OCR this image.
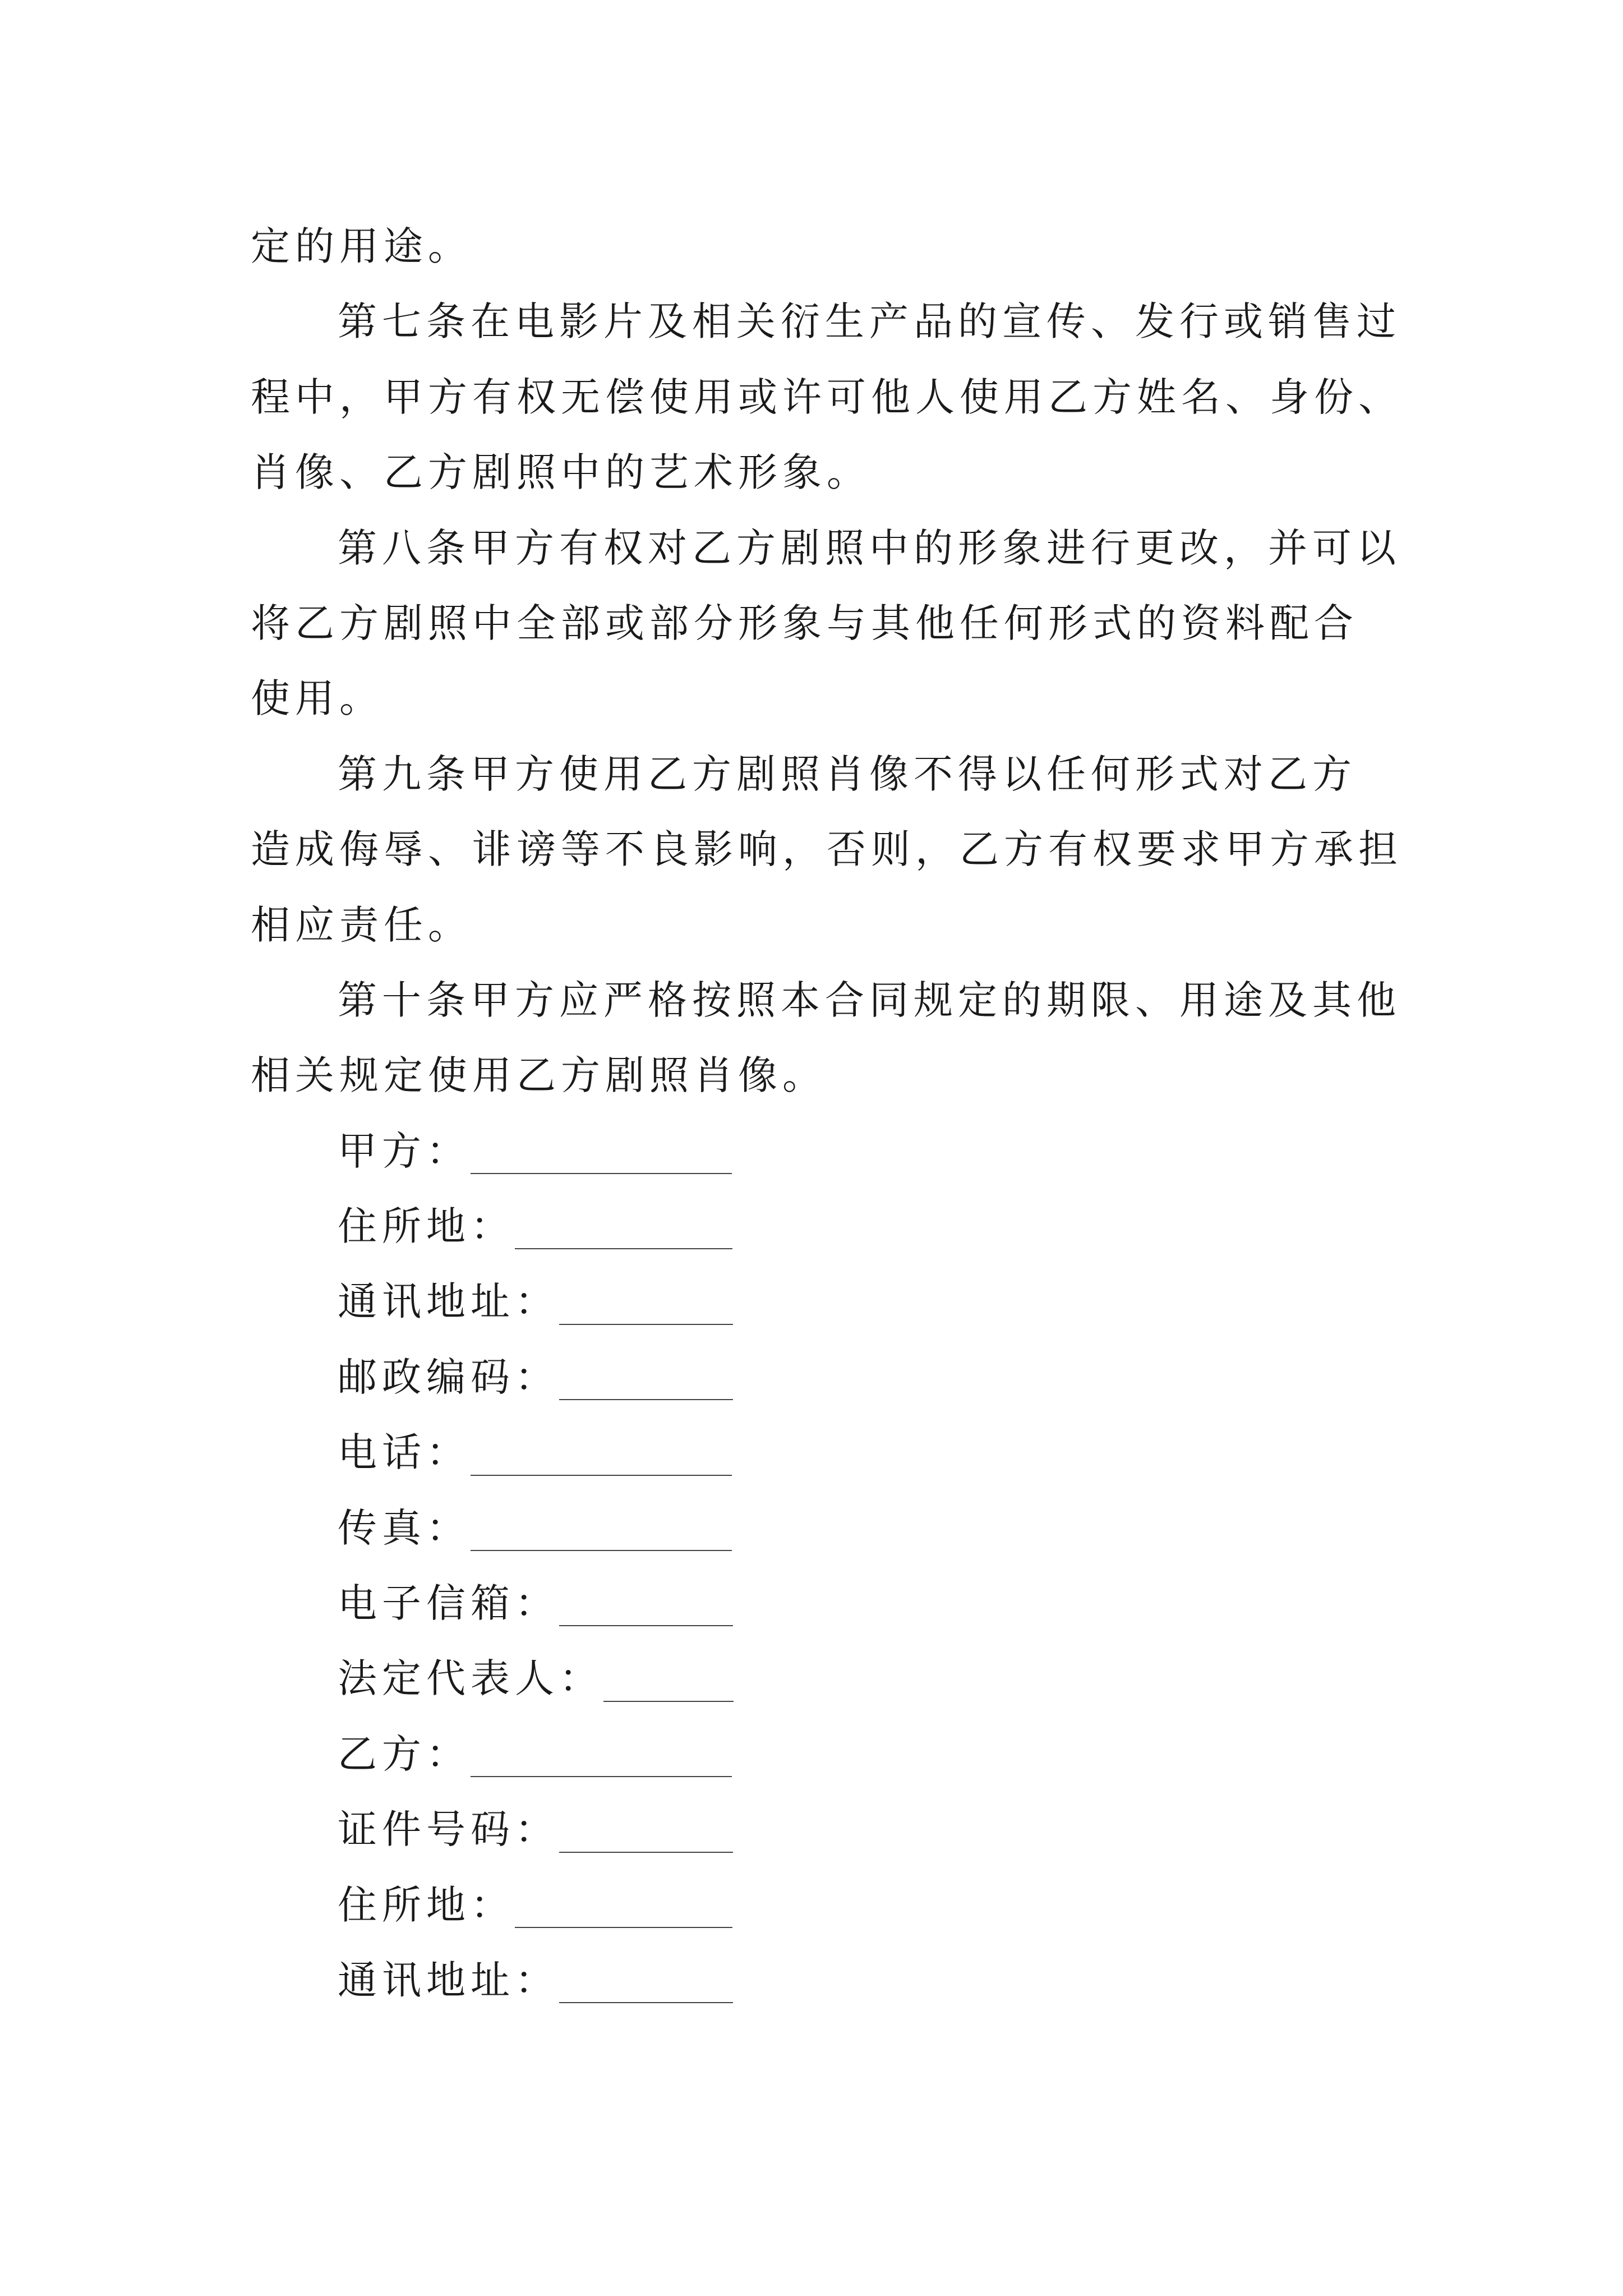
定的用途。
第七条在电影片及相关衍生产品的宣传、发行或销售过
程中，甲方有权无偿使用或许可他人使用乙方姓名、身份、
肖像、乙方剧照中的艺术形象。
第八条甲方有权对乙方剧照中的形象进行更改，并可以
将乙方剧照中全部或部分形象与其他任何形式的资料配合
使用。
第九条甲方使用乙方剧照肖像不得以任何形式对乙方
造成侮辱、诽谤等不良影响，否则，乙方有权要求甲方承担
相应责任。
第十条甲方应严格按照本合同规定的期限、用途及其他
相关规定使用乙方剧照肖像。
甲方：
住所地：
通讯地址：
邮政编码：
电话：
传真：
电子信箱：
法定代表人：
乙方：
证件号码：
住所地：
通讯地址：
